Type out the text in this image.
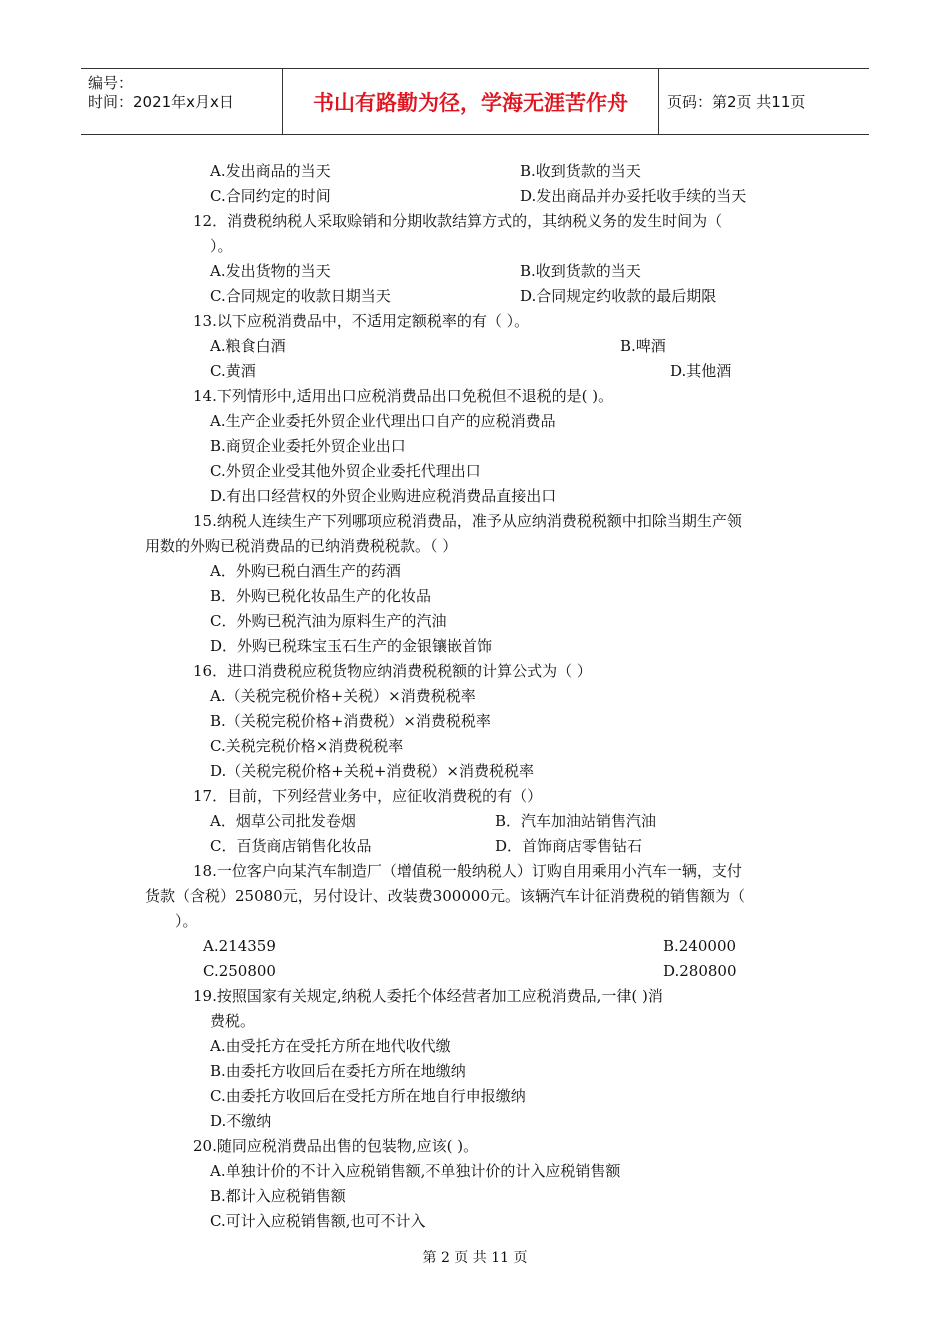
编号：
时间：2021年x月x日	书山有路勤为径，学海无涯苦作舟	页码：第2页 共11页
A.发出商品的当天	B.收到货款的当天
C.合同约定的时间	D.发出商品并办妥托收手续的当天
12．消费税纳税人采取赊销和分期收款结算方式的，其纳税义务的发生时间为（
）。
A.发出货物的当天	B.收到货款的当天
C.合同规定的收款日期当天	D.合同规定约收款的最后期限
13.以下应税消费品中，不适用定额税率的有（ ）。
A.粮食白酒	B.啤酒
C.黄酒	D.其他酒
14.下列情形中,适用出口应税消费品出口免税但不退税的是( )。
A.生产企业委托外贸企业代理出口自产的应税消费品
B.商贸企业委托外贸企业出口
C.外贸企业受其他外贸企业委托代理出口
D.有出口经营权的外贸企业购进应税消费品直接出口
15.纳税人连续生产下列哪项应税消费品，准予从应纳消费税税额中扣除当期生产领
用数的外购已税消费品的已纳消费税税款。（ ）
A．外购已税白酒生产的药酒
B．外购已税化妆品生产的化妆品
C．外购已税汽油为原料生产的汽油
D．外购已税珠宝玉石生产的金银镶嵌首饰
16．进口消费税应税货物应纳消费税税额的计算公式为（ ）
A.（关税完税价格+关税）×消费税税率
B.（关税完税价格+消费税）×消费税税率
C.关税完税价格×消费税税率
D.（关税完税价格+关税+消费税）×消费税税率
17．目前，下列经营业务中，应征收消费税的有（）
A．烟草公司批发卷烟	B．汽车加油站销售汽油
C．百货商店销售化妆品	D．首饰商店零售钻石
18.一位客户向某汽车制造厂（增值税一般纳税人）订购自用乘用小汽车一辆，支付
货款（含税）25080元，另付设计、改装费300000元。该辆汽车计征消费税的销售额为（
）。
A.214359	B.240000
C.250800	D.280800
19.按照国家有关规定,纳税人委托个体经营者加工应税消费品,一律( )消
费税。
A.由受托方在受托方所在地代收代缴
B.由委托方收回后在委托方所在地缴纳
C.由委托方收回后在受托方所在地自行申报缴纳
D.不缴纳
20.随同应税消费品出售的包装物,应该( )。
A.单独计价的不计入应税销售额,不单独计价的计入应税销售额
B.都计入应税销售额
C.可计入应税销售额,也可不计入
第 2 页 共 11 页
